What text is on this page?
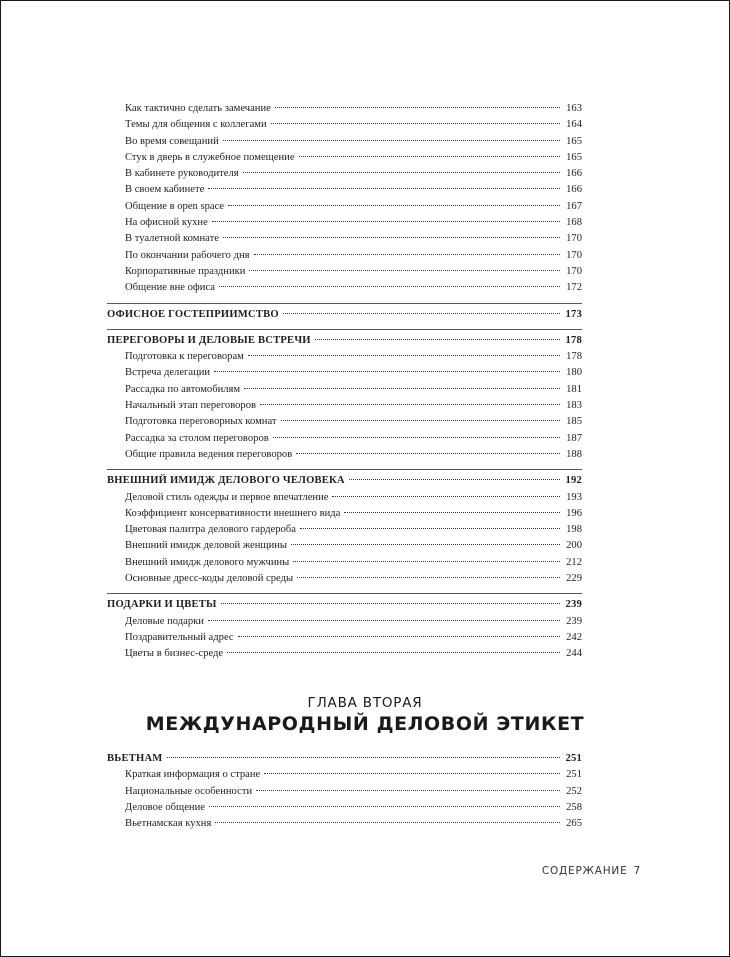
Как тактично сделать замечание	163
Темы для общения с коллегами	164
Во время совещаний	165
Стук в дверь в служебное помещение	165
В кабинете руководителя	166
В своем кабинете	166
Общение в open space	167
На офисной кухне	168
В туалетной комнате	170
По окончании рабочего дня	170
Корпоративные праздники	170
Общение вне офиса	172
ОФИСНОЕ ГОСТЕПРИИМСТВО	173
ПЕРЕГОВОРЫ И ДЕЛОВЫЕ ВСТРЕЧИ	178
Подготовка к переговорам	178
Встреча делегации	180
Рассадка по автомобилям	181
Начальный этап переговоров	183
Подготовка переговорных комнат	185
Рассадка за столом переговоров	187
Общие правила ведения переговоров	188
ВНЕШНИЙ ИМИДЖ ДЕЛОВОГО ЧЕЛОВЕКА	192
Деловой стиль одежды и первое впечатление	193
Коэффициент консервативности внешнего вида	196
Цветовая палитра делового гардероба	198
Внешний имидж деловой женщины	200
Внешний имидж делового мужчины	212
Основные дресс-коды деловой среды	229
ПОДАРКИ И ЦВЕТЫ	239
Деловые подарки	239
Поздравительный адрес	242
Цветы в бизнес-среде	244
ГЛАВА ВТОРАЯ
МЕЖДУНАРОДНЫЙ ДЕЛОВОЙ ЭТИКЕТ
ВЬЕТНАМ	251
Краткая информация о стране	251
Национальные особенности	252
Деловое общение	258
Вьетнамская кухня	265
СОДЕРЖАНИЕ 7
